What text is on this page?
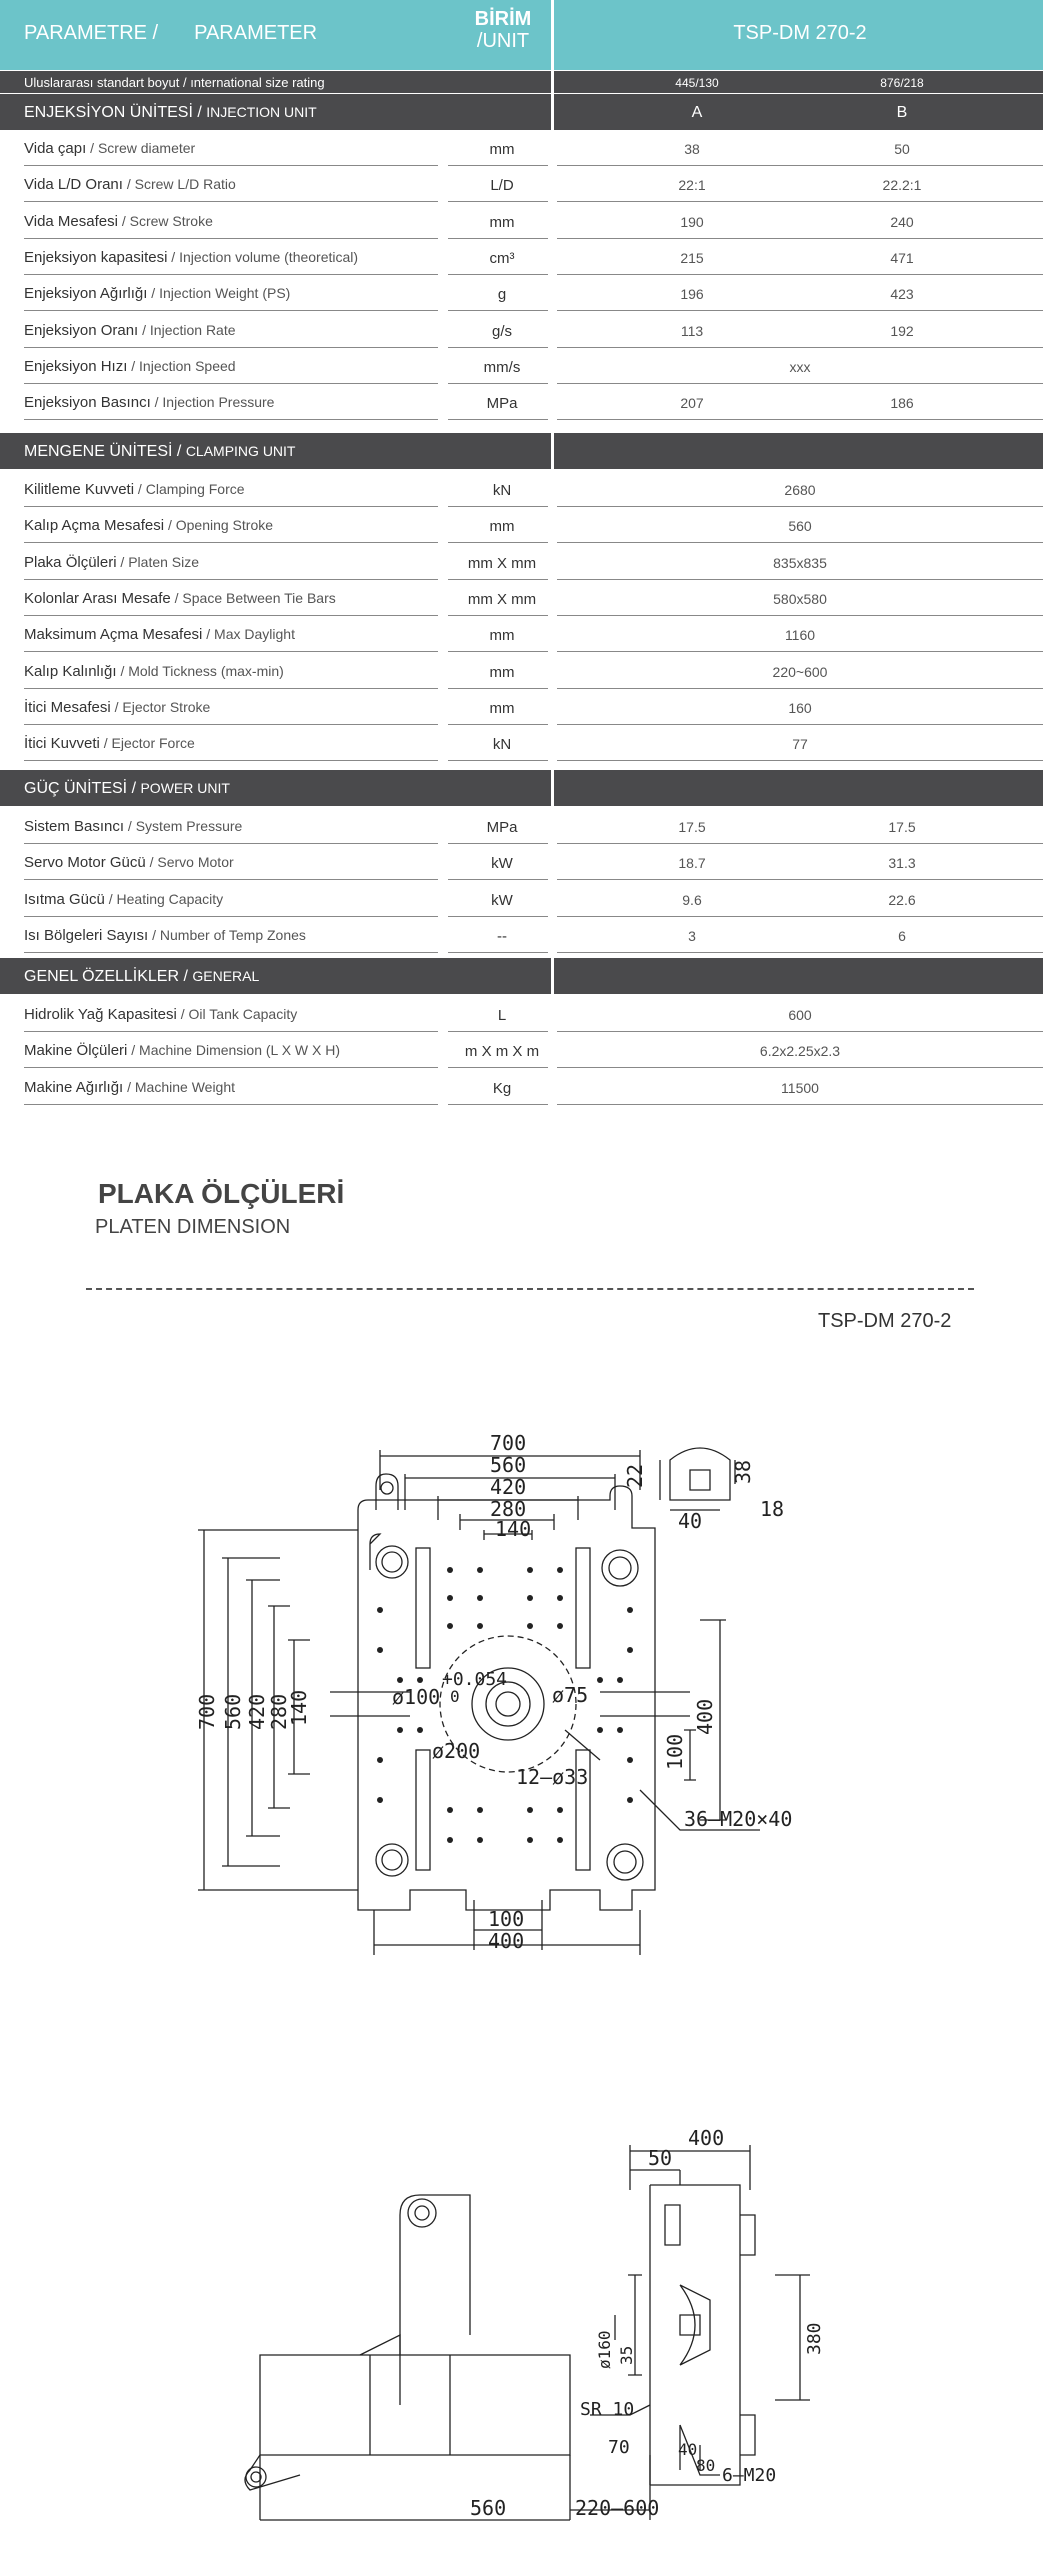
PARAMETRE / PARAMETER
BİRİM
/UNIT	TSP-DM 270-2
Uluslararası standart boyut / ınternational size rating	445/130	876/218
ENJEKSİYON ÜNİTESİ / INJECTION UNIT	A	B
Vida çapı / Screw diameter	mm	38	50
Vida L/D Oranı / Screw L/D Ratio	L/D	22:1	22.2:1
Vida Mesafesi / Screw Stroke	mm	190	240
Enjeksiyon kapasitesi / Injection volume (theoretical)	cm³	215	471
Enjeksiyon Ağırlığı / Injection Weight (PS)	g	196	423
Enjeksiyon Oranı / Injection Rate	g/s	113	192
Enjeksiyon Hızı / Injection Speed	mm/s	xxx
Enjeksiyon Basıncı / Injection Pressure	MPa	207	186
MENGENE ÜNİTESİ / CLAMPING UNIT
Kilitleme Kuvveti / Clamping Force	kN	2680
Kalıp Açma Mesafesi / Opening Stroke	mm	560
Plaka Ölçüleri / Platen Size	mm X mm	835x835
Kolonlar Arası Mesafe / Space Between Tie Bars	mm X mm	580x580
Maksimum Açma Mesafesi / Max Daylight	mm	1160
Kalıp Kalınlığı / Mold Tickness (max-min)	mm	220~600
İtici Mesafesi / Ejector Stroke	mm	160
İtici Kuvveti / Ejector Force	kN	77
GÜÇ ÜNİTESİ / POWER UNIT
Sistem Basıncı / System Pressure	MPa	17.5	17.5
Servo Motor Gücü / Servo Motor	kW	18.7	31.3
Isıtma Gücü / Heating Capacity	kW	9.6	22.6
Isı Bölgeleri Sayısı / Number of Temp Zones	--	3	6
GENEL ÖZELLİKLER / GENERAL
Hidrolik Yağ Kapasitesi / Oil Tank Capacity	L	600
Makine Ölçüleri / Machine Dimension (L X W X H)	m X m X m	6.2x2.25x2.3
Makine Ağırlığı / Machine Weight	Kg	11500
PLAKA ÖLÇÜLERİ
PLATEN DIMENSION
TSP-DM 270-2
700
560
420
280
140
700 560 420
280
140	400
100
100
400
+0.054
0
ø100	ø75
ø200
12–ø33
36–M20×40
22	38
18
40
400
50
ø160 35
SR 10
70	40
80 6–M20
380
560	220–600
